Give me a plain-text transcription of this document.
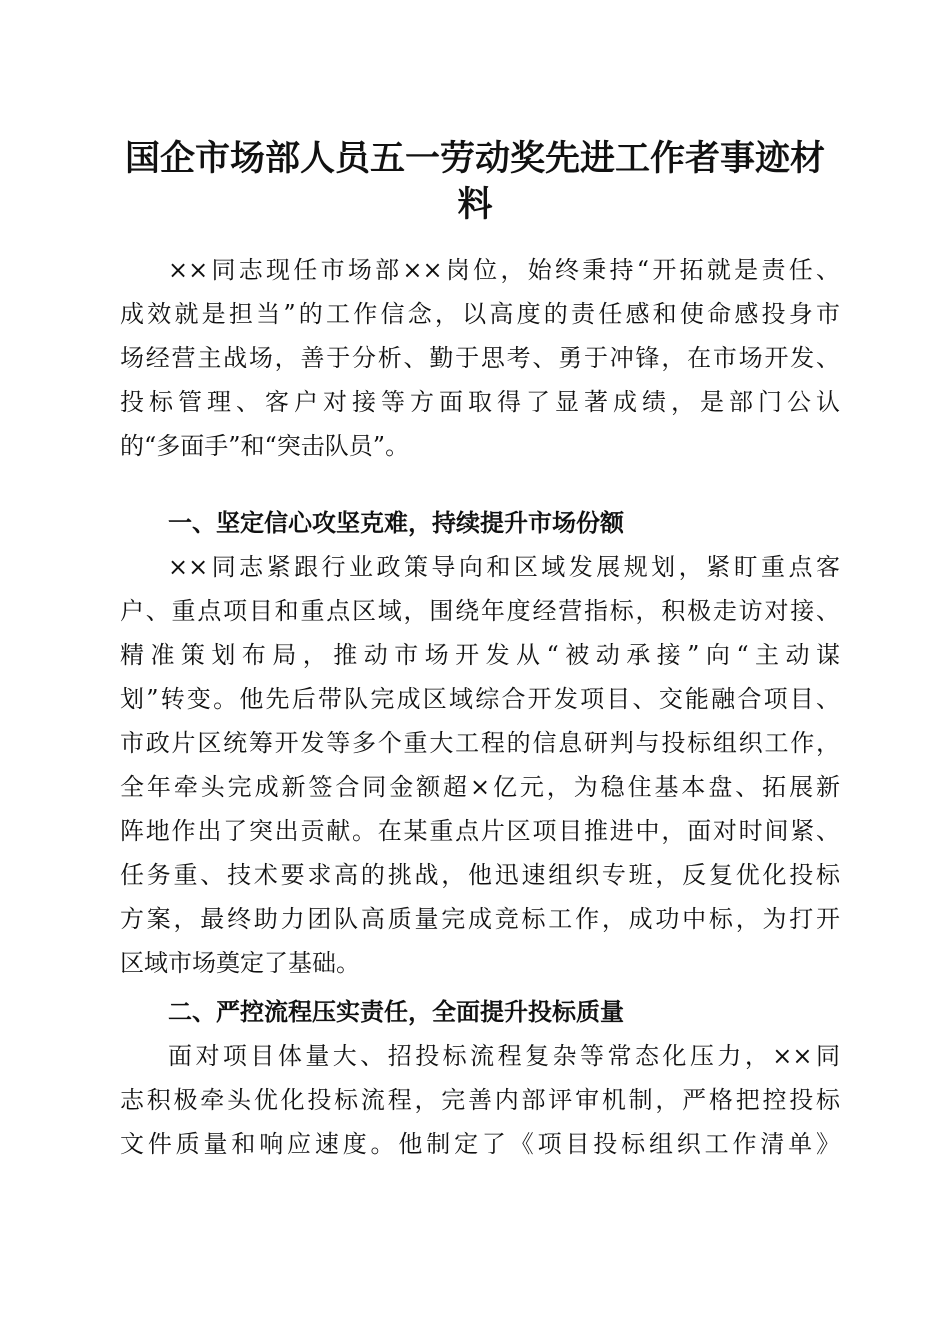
国企市场部人员五一劳动奖先进工作者事迹材
料
××同志现任市场部××岗位，始终秉持“开拓就是责任、
成效就是担当”的工作信念，以高度的责任感和使命感投身市
场经营主战场，善于分析、勤于思考、勇于冲锋，在市场开发、
投标管理、客户对接等方面取得了显著成绩，是部门公认
的“多面手”和“突击队员”。
一、坚定信心攻坚克难，持续提升市场份额
××同志紧跟行业政策导向和区域发展规划，紧盯重点客
户、重点项目和重点区域，围绕年度经营指标，积极走访对接、
精准策划布局，推动市场开发从“被动承接”向“主动谋
划”转变。他先后带队完成区域综合开发项目、交能融合项目、
市政片区统筹开发等多个重大工程的信息研判与投标组织工作，
全年牵头完成新签合同金额超×亿元，为稳住基本盘、拓展新
阵地作出了突出贡献。在某重点片区项目推进中，面对时间紧、
任务重、技术要求高的挑战，他迅速组织专班，反复优化投标
方案，最终助力团队高质量完成竞标工作，成功中标，为打开
区域市场奠定了基础。
二、严控流程压实责任，全面提升投标质量
面对项目体量大、招投标流程复杂等常态化压力，××同
志积极牵头优化投标流程，完善内部评审机制，严格把控投标
文件质量和响应速度。他制定了《项目投标组织工作清单》
